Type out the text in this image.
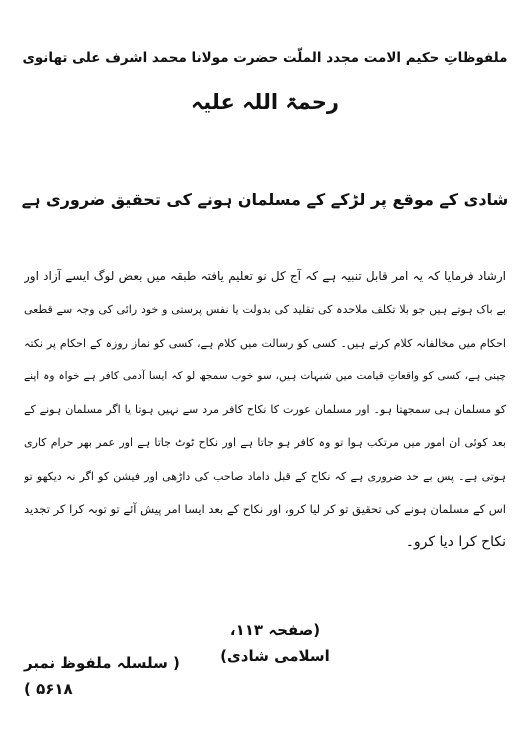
ملفوظاتِ حکیم الامت مجدد الملّت حضرت مولانا محمد اشرف علی تھانوی
رحمۃ اللہ علیہ
شادی کے موقع پر لڑکے کے مسلمان ہونے کی تحقیق ضروری ہے
ارشاد فرمایا کہ یہ امر قابل تنبیہ ہے کہ آج کل نو تعلیم یافتہ طبقہ میں بعض لوگ ایسے آزاد اور
بے باک ہوتے ہیں جو بلا تکلف ملاحدہ کی تقلید کی بدولت یا نفس پرستی و خود رائی کی وجہ سے قطعی
احکام میں مخالفانہ کلام کرتے ہیں۔ کسی کو رسالت میں کلام ہے، کسی کو نماز روزہ کے احکام پر نکتہ
چینی ہے، کسی کو واقعاتِ قیامت میں شبہات ہیں، سو خوب سمجھ لو کہ ایسا آدمی کافر ہے خواہ وہ اپنے
کو مسلمان ہی سمجھتا ہو۔ اور مسلمان عورت کا نکاح کافر مرد سے نہیں ہوتا یا اگر مسلمان ہونے کے
بعد کوئی ان امور میں مرتکب ہوا تو وہ کافر ہو جاتا ہے اور نکاح ٹوٹ جاتا ہے اور عمر بھر حرام کاری
ہوتی ہے۔ پس بے حد ضروری ہے کہ نکاح کے قبل داماد صاحب کی داڑھی اور فیشن کو اگر نہ دیکھو تو
اس کے مسلمان ہونے کی تحقیق تو کر لیا کرو، اور نکاح کے بعد ایسا امر پیش آئے تو توبہ کرا کر تجدید
نکاح کرا دیا کرو۔
(صفحہ ۱۱۳، اسلامی شادی)
( سلسلہ ملفوظ نمبر ۵۶۱۸ )
